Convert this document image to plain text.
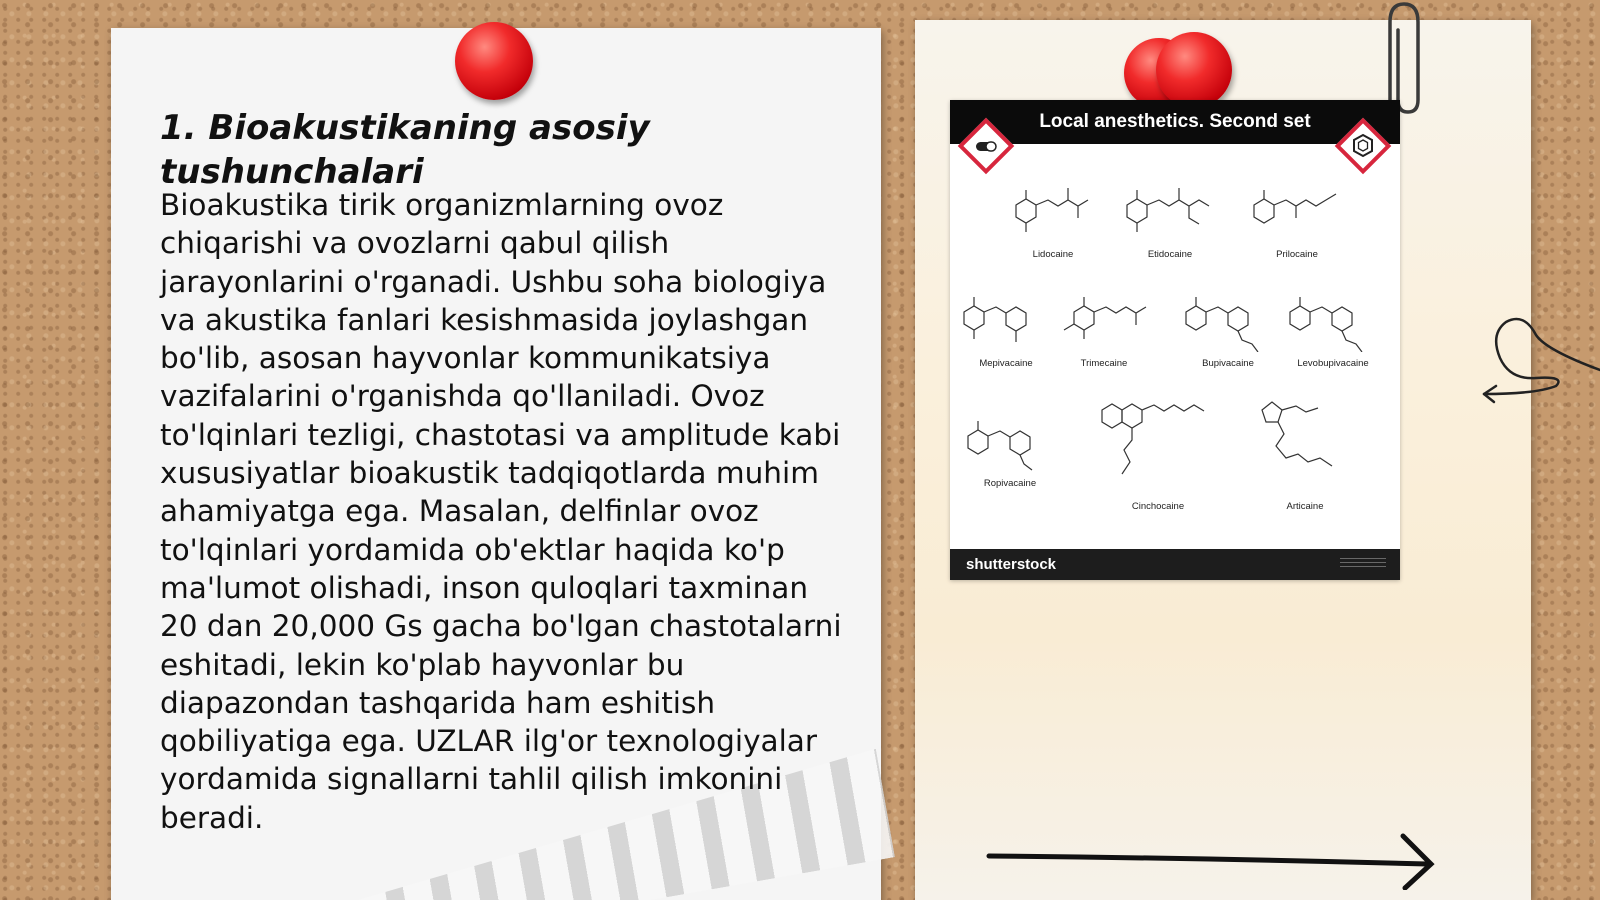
1. Bioakustikaning asosiy tushunchalari

Bioakustika tirik organizmlarning ovoz chiqarishi va ovozlarni qabul qilish jarayonlarini o'rganadi. Ushbu soha biologiya va akustika fanlari kesishmasida joylashgan bo'lib, asosan hayvonlar kommunikatsiya vazifalarini o'rganishda qo'llaniladi. Ovoz to'lqinlari tezligi, chastotasi va amplitude kabi xususiyatlar bioakustik tadqiqotlarda muhim ahamiyatga ega. Masalan, delfinlar ovoz to'lqinlari yordamida ob'ektlar haqida ko'p ma'lumot olishadi, inson quloqlari taxminan 20 dan 20,000 Gs gacha bo'lgan chastotalarni eshitadi, lekin ko'plab hayvonlar bu diapazondan tashqarida ham eshitish qobiliyatiga ega. UZLAR ilg'or texnologiyalar yordamida signallarni tahlil qilish imkonini beradi.

Local anesthetics. Second set
Lidocaine	Etidocaine	Prilocaine
Mepivacaine	Trimecaine	Bupivacaine	Levobupivacaine
Ropivacaine
Cinchocaine	Articaine
shutterstock
